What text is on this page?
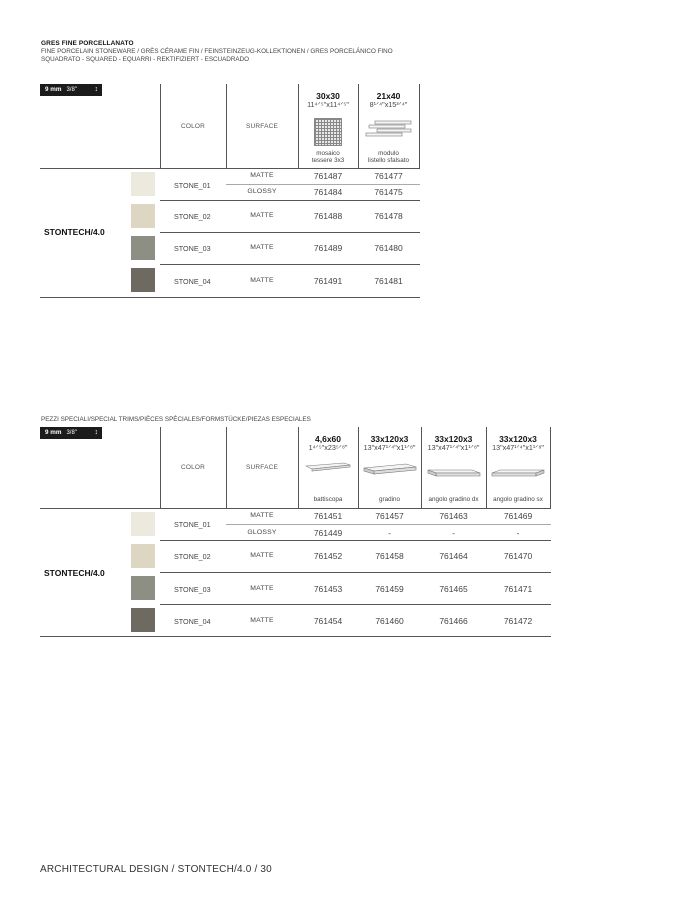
GRES FINE PORCELLANATO
FINE PORCELAIN STONEWARE / GRÈS CÉRAME FIN / FEINSTEINZEUG-KOLLEKTIONEN / GRES PORCELÁNICO FINO
SQUADRATO - SQUARED - EQUARRI - REKTIFIZIERT - ESCUADRADO
9 mm 3/8"	↕
COLOR	SURFACE
30x30
11⁴ᐟ⁵"x11⁴ᐟ⁵"
mosaico
tessere 3x3
21x40
8¹ᐟ⁴"x15³ᐟ⁴"
modulo
listello sfalsato
STONTECH/4.0
STONE_01
MATTE	761487	761477
GLOSSY	761484	761475
STONE_02	MATTE	761488	761478
STONE_03	MATTE	761489	761480
STONE_04	MATTE	761491	761481
PEZZI SPECIALI/SPECIAL TRIMS/PIÈCES SPÉCIALES/FORMSTÜCKE/PIEZAS ESPECIALES
9 mm 3/8"	↕
COLOR	SURFACE
4,6x60
1⁴ᐟ⁵"x23⁵ᐟ⁸"
battiscopa
33x120x3
13"x47¹ᐟ⁴"x1¹ᐟ⁸"
gradino
33x120x3
13"x47¹ᐟ⁴"x1¹ᐟ⁸"
angolo gradino dx
33x120x3
13"x47¹ᐟ⁴"x1¹ᐟ⁸"
angolo gradino sx
STONTECH/4.0
STONE_01
MATTE	761451	761457	761463	761469
GLOSSY	761449	-	-	-
STONE_02	MATTE	761452	761458	761464	761470
STONE_03	MATTE	761453	761459	761465	761471
STONE_04	MATTE	761454	761460	761466	761472
ARCHITECTURAL DESIGN / STONTECH/4.0 / 30
